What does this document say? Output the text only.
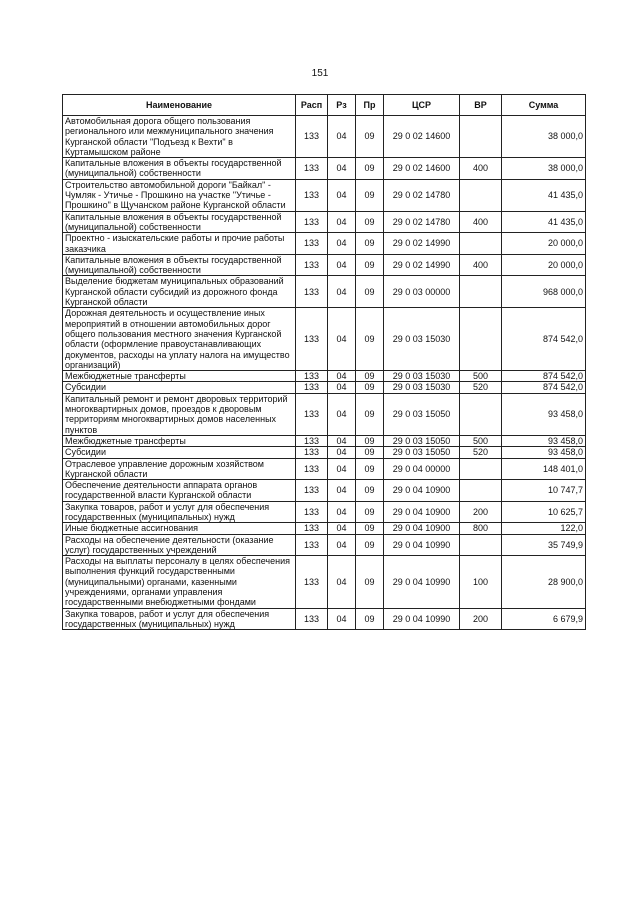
151
Наименование	Расп	Рз	Пр	ЦСР	ВР	Сумма
Автомобильная дорога общего пользования регионального или межмуниципального значения Курганской области "Подъезд к Вехти" в Куртамышском районе	133	04	09	29 0 02 14600		38 000,0
Капитальные вложения в объекты государственной (муниципальной) собственности	133	04	09	29 0 02 14600	400	38 000,0
Строительство автомобильной дороги "Байкал" - Чумляк - Утичье - Прошкино на участке "Утичье - Прошкино" в Щучанском районе Курганской области	133	04	09	29 0 02 14780		41 435,0
Капитальные вложения в объекты государственной (муниципальной) собственности	133	04	09	29 0 02 14780	400	41 435,0
Проектно - изыскательские работы и прочие работы заказчика	133	04	09	29 0 02 14990		20 000,0
Капитальные вложения в объекты государственной (муниципальной) собственности	133	04	09	29 0 02 14990	400	20 000,0
Выделение бюджетам муниципальных образований Курганской области субсидий из дорожного фонда Курганской области	133	04	09	29 0 03 00000		968 000,0
Дорожная деятельность и осуществление иных мероприятий в отношении автомобильных дорог общего пользования местного значения Курганской области (оформление правоустанавливающих документов, расходы на уплату налога на имущество организаций)	133	04	09	29 0 03 15030		874 542,0
Межбюджетные трансферты	133	04	09	29 0 03 15030	500	874 542,0
Субсидии	133	04	09	29 0 03 15030	520	874 542,0
Капитальный ремонт и ремонт дворовых территорий многоквартирных домов, проездов к дворовым территориям многоквартирных домов населенных пунктов	133	04	09	29 0 03 15050		93 458,0
Межбюджетные трансферты	133	04	09	29 0 03 15050	500	93 458,0
Субсидии	133	04	09	29 0 03 15050	520	93 458,0
Отраслевое управление дорожным хозяйством Курганской области	133	04	09	29 0 04 00000		148 401,0
Обеспечение деятельности аппарата органов государственной власти Курганской области	133	04	09	29 0 04 10900		10 747,7
Закупка товаров, работ и услуг для обеспечения государственных (муниципальных) нужд	133	04	09	29 0 04 10900	200	10 625,7
Иные бюджетные ассигнования	133	04	09	29 0 04 10900	800	122,0
Расходы на обеспечение деятельности (оказание услуг) государственных учреждений	133	04	09	29 0 04 10990		35 749,9
Расходы на выплаты персоналу в целях обеспечения выполнения функций государственными (муниципальными) органами, казенными учреждениями, органами управления государственными внебюджетными фондами	133	04	09	29 0 04 10990	100	28 900,0
Закупка товаров, работ и услуг для обеспечения государственных (муниципальных) нужд	133	04	09	29 0 04 10990	200	6 679,9
